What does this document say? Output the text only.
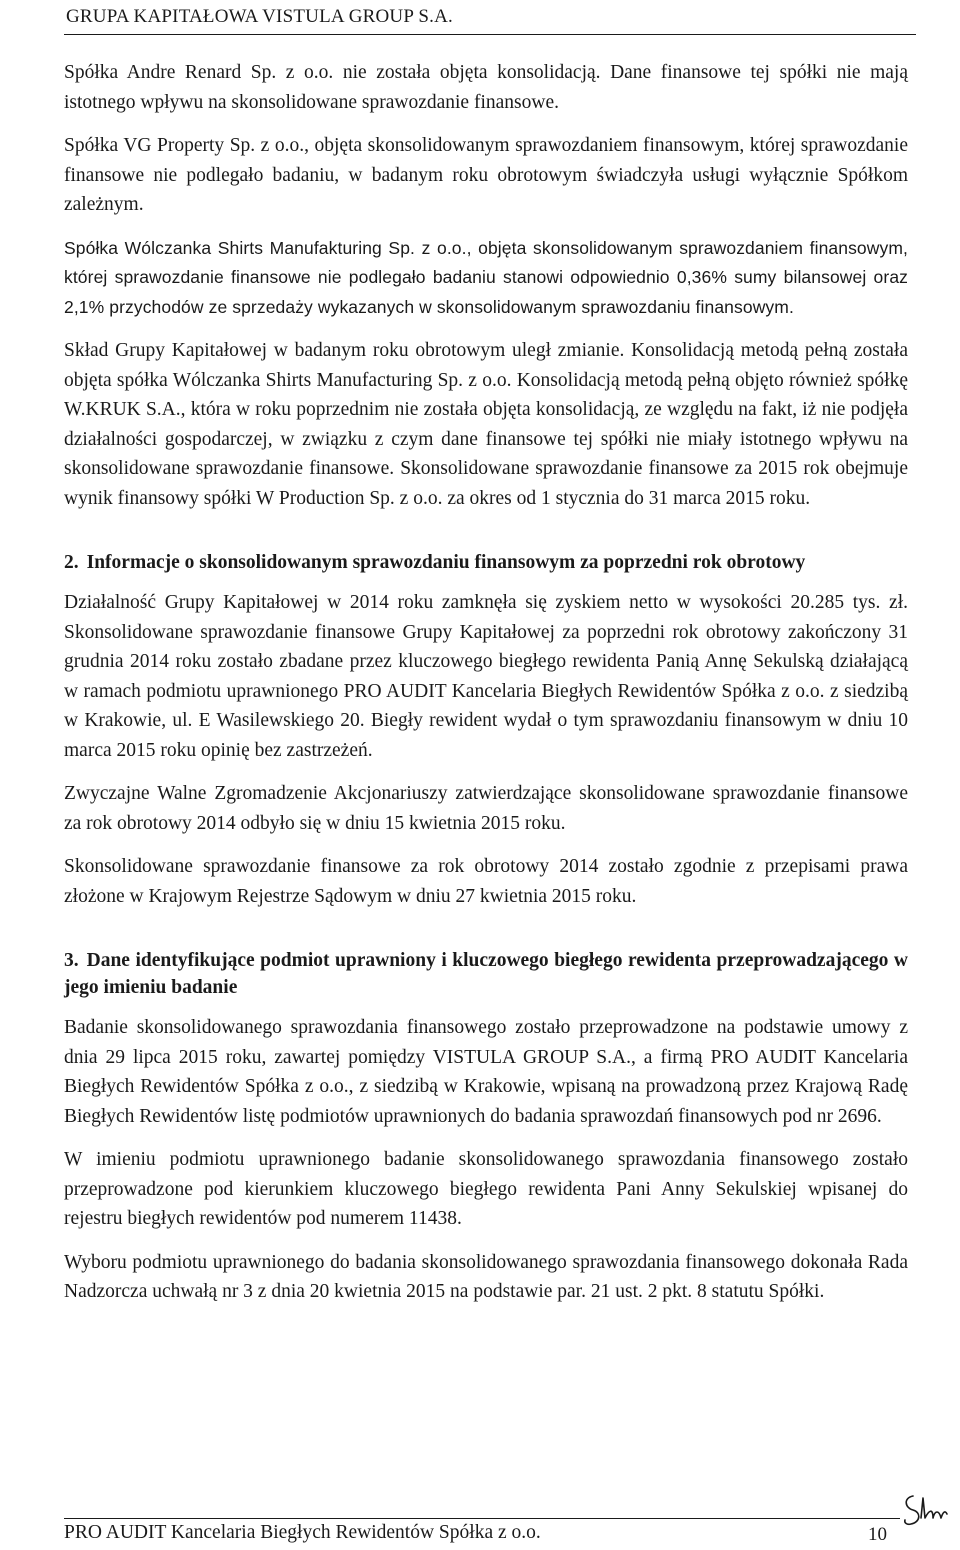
GRUPA KAPITAŁOWA VISTULA GROUP S.A.

Spółka Andre Renard Sp. z o.o. nie została objęta konsolidacją. Dane finansowe tej spółki nie mają istotnego wpływu na skonsolidowane sprawozdanie finansowe.

Spółka VG Property Sp. z o.o., objęta skonsolidowanym sprawozdaniem finansowym, której sprawozdanie finansowe nie podlegało badaniu, w badanym roku obrotowym świadczyła usługi wyłącznie Spółkom zależnym.

Spółka Wólczanka Shirts Manufakturing Sp. z o.o., objęta skonsolidowanym sprawozdaniem finansowym, której sprawozdanie finansowe nie podlegało badaniu stanowi odpowiednio 0,36% sumy bilansowej oraz 2,1% przychodów ze sprzedaży wykazanych w skonsolidowanym sprawozdaniu finansowym.

Skład Grupy Kapitałowej w badanym roku obrotowym uległ zmianie. Konsolidacją metodą pełną została objęta spółka Wólczanka Shirts Manufacturing Sp. z o.o. Konsolidacją metodą pełną objęto również spółkę W.KRUK S.A., która w roku poprzednim nie została objęta konsolidacją, ze względu na fakt, iż nie podjęła działalności gospodarczej, w związku z czym dane finansowe tej spółki nie miały istotnego wpływu na skonsolidowane sprawozdanie finansowe. Skonsolidowane sprawozdanie finansowe za 2015 rok obejmuje wynik finansowy spółki W Production Sp. z o.o. za okres od 1 stycznia do 31 marca 2015 roku.

2. Informacje o skonsolidowanym sprawozdaniu finansowym za poprzedni rok obrotowy

Działalność Grupy Kapitałowej w 2014 roku zamknęła się zyskiem netto w wysokości 20.285 tys. zł. Skonsolidowane sprawozdanie finansowe Grupy Kapitałowej za poprzedni rok obrotowy zakończony 31 grudnia 2014 roku zostało zbadane przez kluczowego biegłego rewidenta Panią Annę Sekulską działającą w ramach podmiotu uprawnionego PRO AUDIT Kancelaria Biegłych Rewidentów Spółka z o.o. z siedzibą w Krakowie, ul. E Wasilewskiego 20. Biegły rewident wydał o tym sprawozdaniu finansowym w dniu 10 marca 2015 roku opinię bez zastrzeżeń.

Zwyczajne Walne Zgromadzenie Akcjonariuszy zatwierdzające skonsolidowane sprawozdanie finansowe za rok obrotowy 2014 odbyło się w dniu 15 kwietnia 2015 roku.

Skonsolidowane sprawozdanie finansowe za rok obrotowy 2014 zostało zgodnie z przepisami prawa złożone w Krajowym Rejestrze Sądowym w dniu 27 kwietnia 2015 roku.

3. Dane identyfikujące podmiot uprawniony i kluczowego biegłego rewidenta przeprowadzającego w jego imieniu badanie

Badanie skonsolidowanego sprawozdania finansowego zostało przeprowadzone na podstawie umowy z dnia 29 lipca 2015 roku, zawartej pomiędzy VISTULA GROUP S.A., a firmą PRO AUDIT Kancelaria Biegłych Rewidentów Spółka z o.o., z siedzibą w Krakowie, wpisaną na prowadzoną przez Krajową Radę Biegłych Rewidentów listę podmiotów uprawnionych do badania sprawozdań finansowych pod nr 2696.

W imieniu podmiotu uprawnionego badanie skonsolidowanego sprawozdania finansowego zostało przeprowadzone pod kierunkiem kluczowego biegłego rewidenta Pani Anny Sekulskiej wpisanej do rejestru biegłych rewidentów pod numerem 11438.

Wyboru podmiotu uprawnionego do badania skonsolidowanego sprawozdania finansowego dokonała Rada Nadzorcza uchwałą nr 3 z dnia 20 kwietnia 2015 na podstawie par. 21 ust. 2 pkt. 8 statutu Spółki.

PRO AUDIT Kancelaria Biegłych Rewidentów Spółka z o.o.	10
